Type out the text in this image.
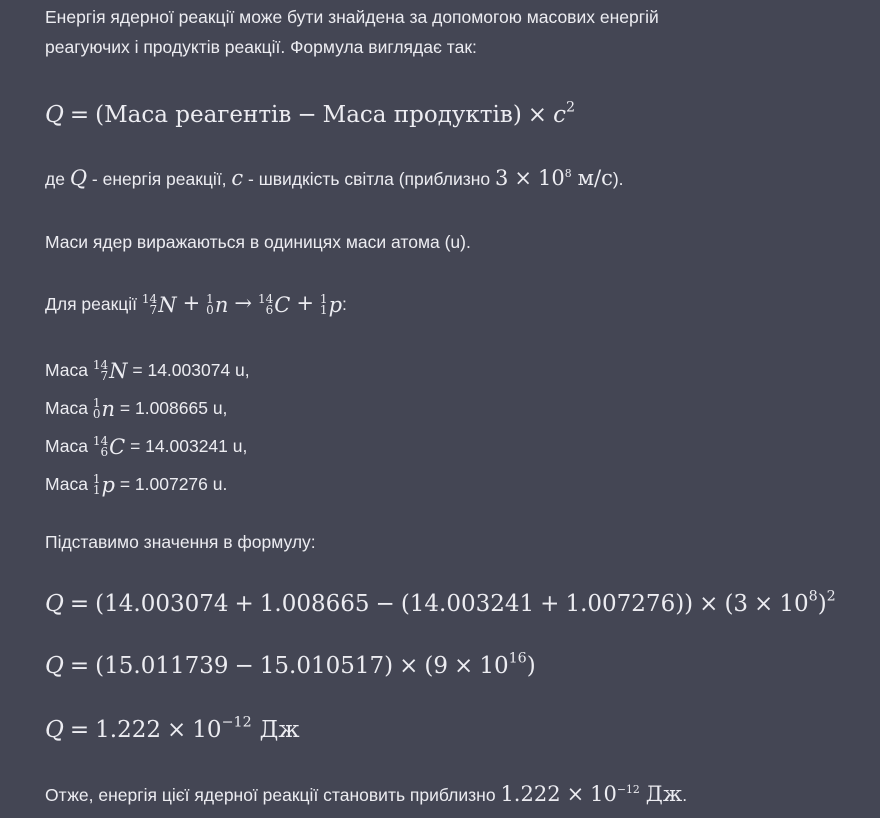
Енергія ядерної реакції може бути знайдена за допомогою масових енергій
реагуючих і продуктів реакції. Формула виглядає так:
Q = (Маса реагентів − Маса продуктів) × $c^2$
де Q - енергія реакції, c - швидкість світла (приблизно $3 \times 10^8$ м/с).
Маси ядер виражаються в одиницях маси атома (u).
Для реакції 14
7 N + 1
0 n → 14
6 C + 1
1 p :
Маса 14
7 N = 14.003074 u,
Маса 1
0 n = 1.008665 u,
Маса 14
6 C = 14.003241 u,
Маса 1
1 p = 1.007276 u.
Підставимо значення в формулу:
$Q = (14.003074 + 1.008665 - (14.003241 + 1.007276)) \times (3 \times 10^8)^2$
$Q = (15.011739 - 15.010517) \times (9 \times 10^{16})$
$Q = 1.222 \times 10^{-12}$ Дж
Отже, енергія цієї ядерної реакції становить приблизно $1.222 \times 10^{-12}$ Дж.
